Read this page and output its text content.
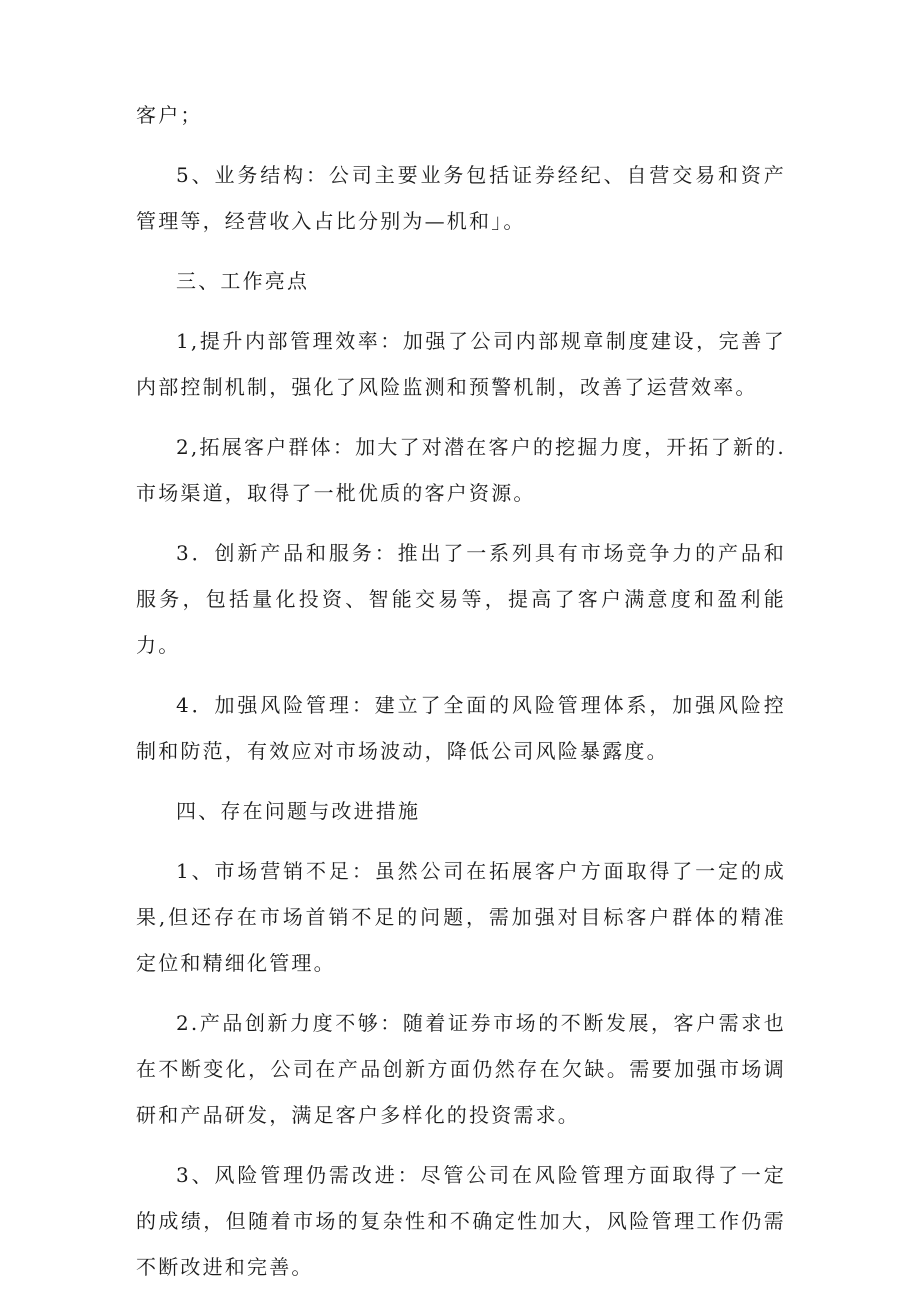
客户；

5、业务结构：公司主要业务包括证券经纪、自营交易和资产管理等，经营收入占比分别为—机和」。

三、工作亮点

1,提升内部管理效率：加强了公司内部规章制度建设，完善了内部控制机制，强化了风险监测和预警机制，改善了运营效率。

2,拓展客户群体：加大了对潜在客户的挖掘力度，开拓了新的.市场渠道，取得了一枇优质的客户资源。

3．创新产品和服务：推出了一系列具有市场竞争力的产品和服务，包括量化投资、智能交易等，提高了客户满意度和盈利能力。

4．加强风险管理：建立了全面的风险管理体系，加强风险控制和防范，有效应对市场波动，降低公司风险暴露度。

四、存在问题与改进措施

1、市场营销不足：虽然公司在拓展客户方面取得了一定的成果,但还存在市场首销不足的问题，需加强对目标客户群体的精准定位和精细化管理。

2.产品创新力度不够：随着证券市场的不断发展，客户需求也在不断变化，公司在产品创新方面仍然存在欠缺。需要加强市场调研和产品研发，满足客户多样化的投资需求。

3、风险管理仍需改进：尽管公司在风险管理方面取得了一定的成绩，但随着市场的复杂性和不确定性加大，风险管理工作仍需不断改进和完善。
